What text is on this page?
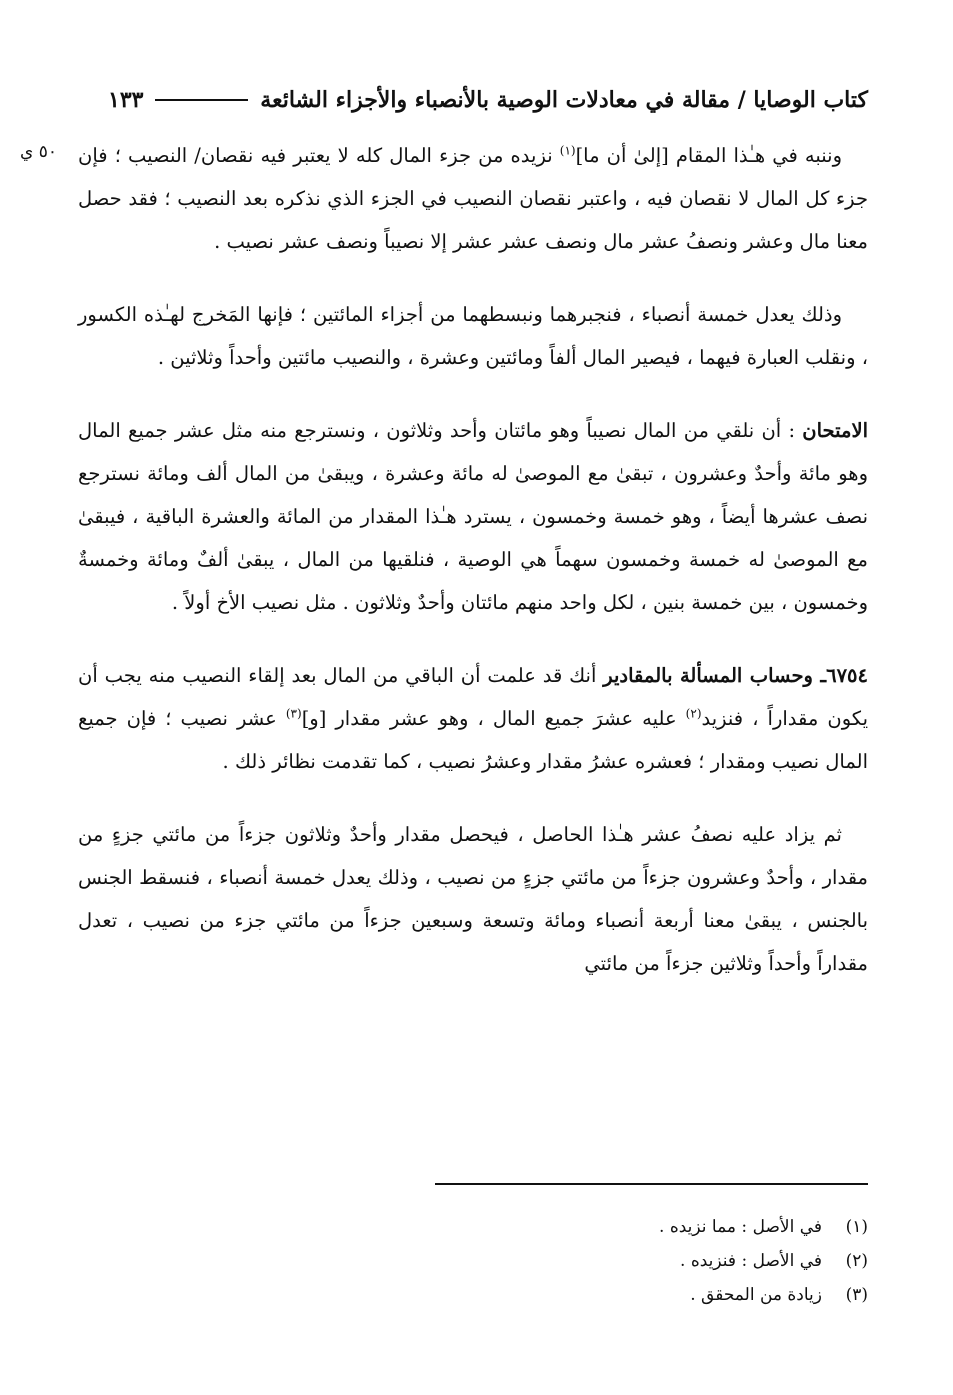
كتاب الوصايا / مقالة في معادلات الوصية بالأنصباء والأجزاء الشائعة
١٣٣
٥٠ ي	وننبه في هـٰذا المقام [إلىٰ أن ما]$^{(١)}$ نزيده من جزء المال كله لا يعتبر فيه نقصان/ النصيب ؛ فإن جزء كل المال لا نقصان فيه ، واعتبر نقصان النصيب في الجزء الذي نذكره بعد النصيب ؛ فقد حصل معنا مال وعشر ونصفُ عشر مال ونصف عشر عشر إلا نصيباً ونصف عشر نصيب .

وذلك يعدل خمسة أنصباء ، فنجبرهما ونبسطهما من أجزاء المائتين ؛ فإنها المَخرج لهـٰذه الكسور ، ونقلب العبارة فيهما ، فيصير المال ألفاً ومائتين وعشرة ، والنصيب مائتين وأحداً وثلاثين .

الامتحان : أن نلقي من المال نصيباً وهو مائتان وأحد وثلاثون ، ونسترجع منه مثل عشر جميع المال وهو مائة وأحدٌ وعشرون ، تبقىٰ مع الموصىٰ له مائة وعشرة ، ويبقىٰ من المال ألف ومائة نسترجع نصف عشرها أيضاً ، وهو خمسة وخمسون ، يسترد هـٰذا المقدار من المائة والعشرة الباقية ، فيبقىٰ مع الموصىٰ له خمسة وخمسون سهماً هي الوصية ، فنلقيها من المال ، يبقىٰ ألفٌ ومائة وخمسةٌ وخمسون ، بين خمسة بنين ، لكل واحد منهم مائتان وأحدٌ وثلاثون . مثل نصيب الأخ أولاً .

٦٧٥٤ـ وحساب المسألة بالمقادير أنك قد علمت أن الباقي من المال بعد إلقاء النصيب منه يجب أن يكون مقداراً ، فنزيد$^{(٢)}$ عليه عشرَ جميع المال ، وهو عشر مقدار [و]$^{(٣)}$ عشر نصيب ؛ فإن جميع المال نصيب ومقدار ؛ فعشره عشرُ مقدار وعشرُ نصيب ، كما تقدمت نظائر ذلك .

ثم يزاد عليه نصفُ عشر هـٰذا الحاصل ، فيحصل مقدار وأحدٌ وثلاثون جزءاً من مائتي جزءٍ من مقدار ، وأحدٌ وعشرون جزءاً من مائتي جزءٍ من نصيب ، وذلك يعدل خمسة أنصباء ، فنسقط الجنس بالجنس ، يبقىٰ معنا أربعة أنصباء ومائة وتسعة وسبعين جزءاً من مائتي جزء من نصيب ، تعدل مقداراً وأحداً وثلاثين جزءاً من مائتي

(١)في الأصل : مما نزيده .
(٢)في الأصل : فنزيده .
(٣)زيادة من المحقق .
